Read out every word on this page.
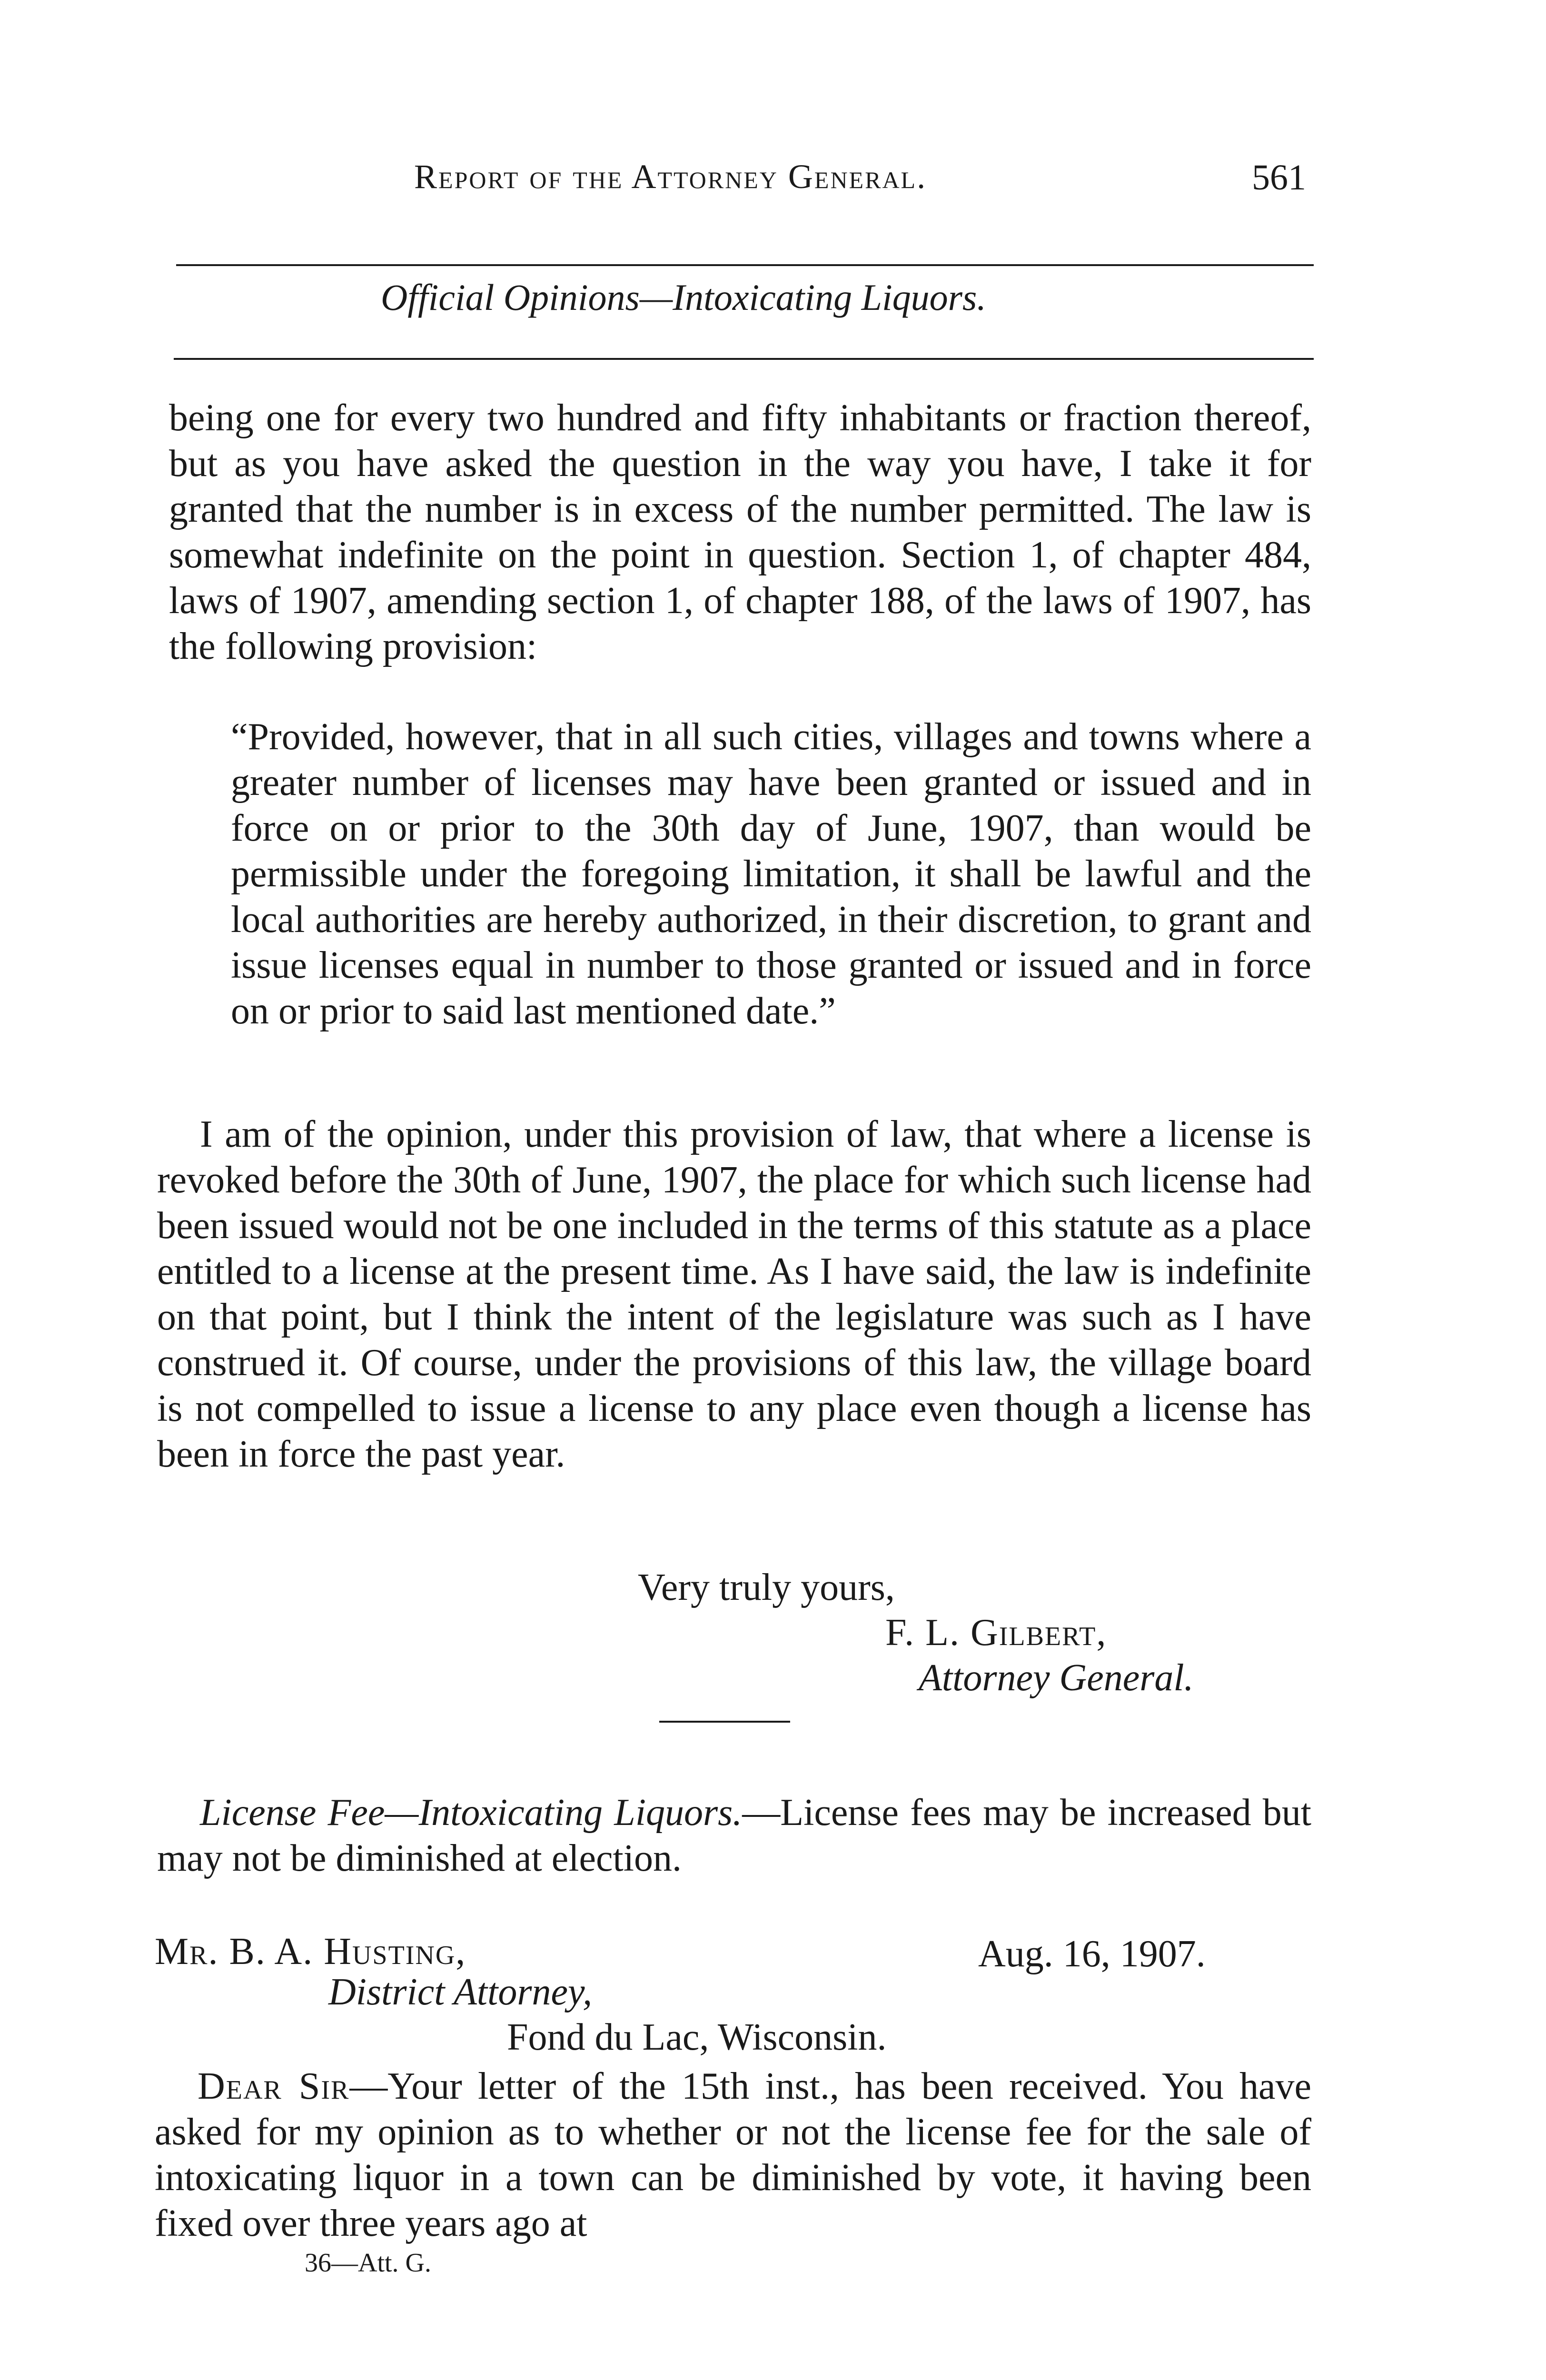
Report of the Attorney General.	561
Official Opinions—Intoxicating Liquors.

being one for every two hundred and fifty inhabitants or fraction thereof, but as you have asked the question in the way you have, I take it for granted that the number is in excess of the number permitted. The law is somewhat indefinite on the point in question. Section 1, of chapter 484, laws of 1907, amending section 1, of chapter 188, of the laws of 1907, has the following provision:

“Provided, however, that in all such cities, villages and towns where a greater number of licenses may have been granted or issued and in force on or prior to the 30th day of June, 1907, than would be permissible under the foregoing limitation, it shall be lawful and the local authorities are hereby authorized, in their discretion, to grant and issue licenses equal in number to those granted or issued and in force on or prior to said last mentioned date.”

I am of the opinion, under this provision of law, that where a license is revoked before the 30th of June, 1907, the place for which such license had been issued would not be one included in the terms of this statute as a place entitled to a license at the present time. As I have said, the law is indefinite on that point, but I think the intent of the legislature was such as I have construed it. Of course, under the provisions of this law, the village board is not compelled to issue a license to any place even though a license has been in force the past year.

Very truly yours,
F. L. Gilbert,
Attorney General.

License Fee—Intoxicating Liquors.—License fees may be increased but may not be diminished at election.

Mr. B. A. Husting,	Aug. 16, 1907.
District Attorney,
Fond du Lac, Wisconsin.

Dear Sir—Your letter of the 15th inst., has been received. You have asked for my opinion as to whether or not the license fee for the sale of intoxicating liquor in a town can be diminished by vote, it having been fixed over three years ago at

36—Att. G.
